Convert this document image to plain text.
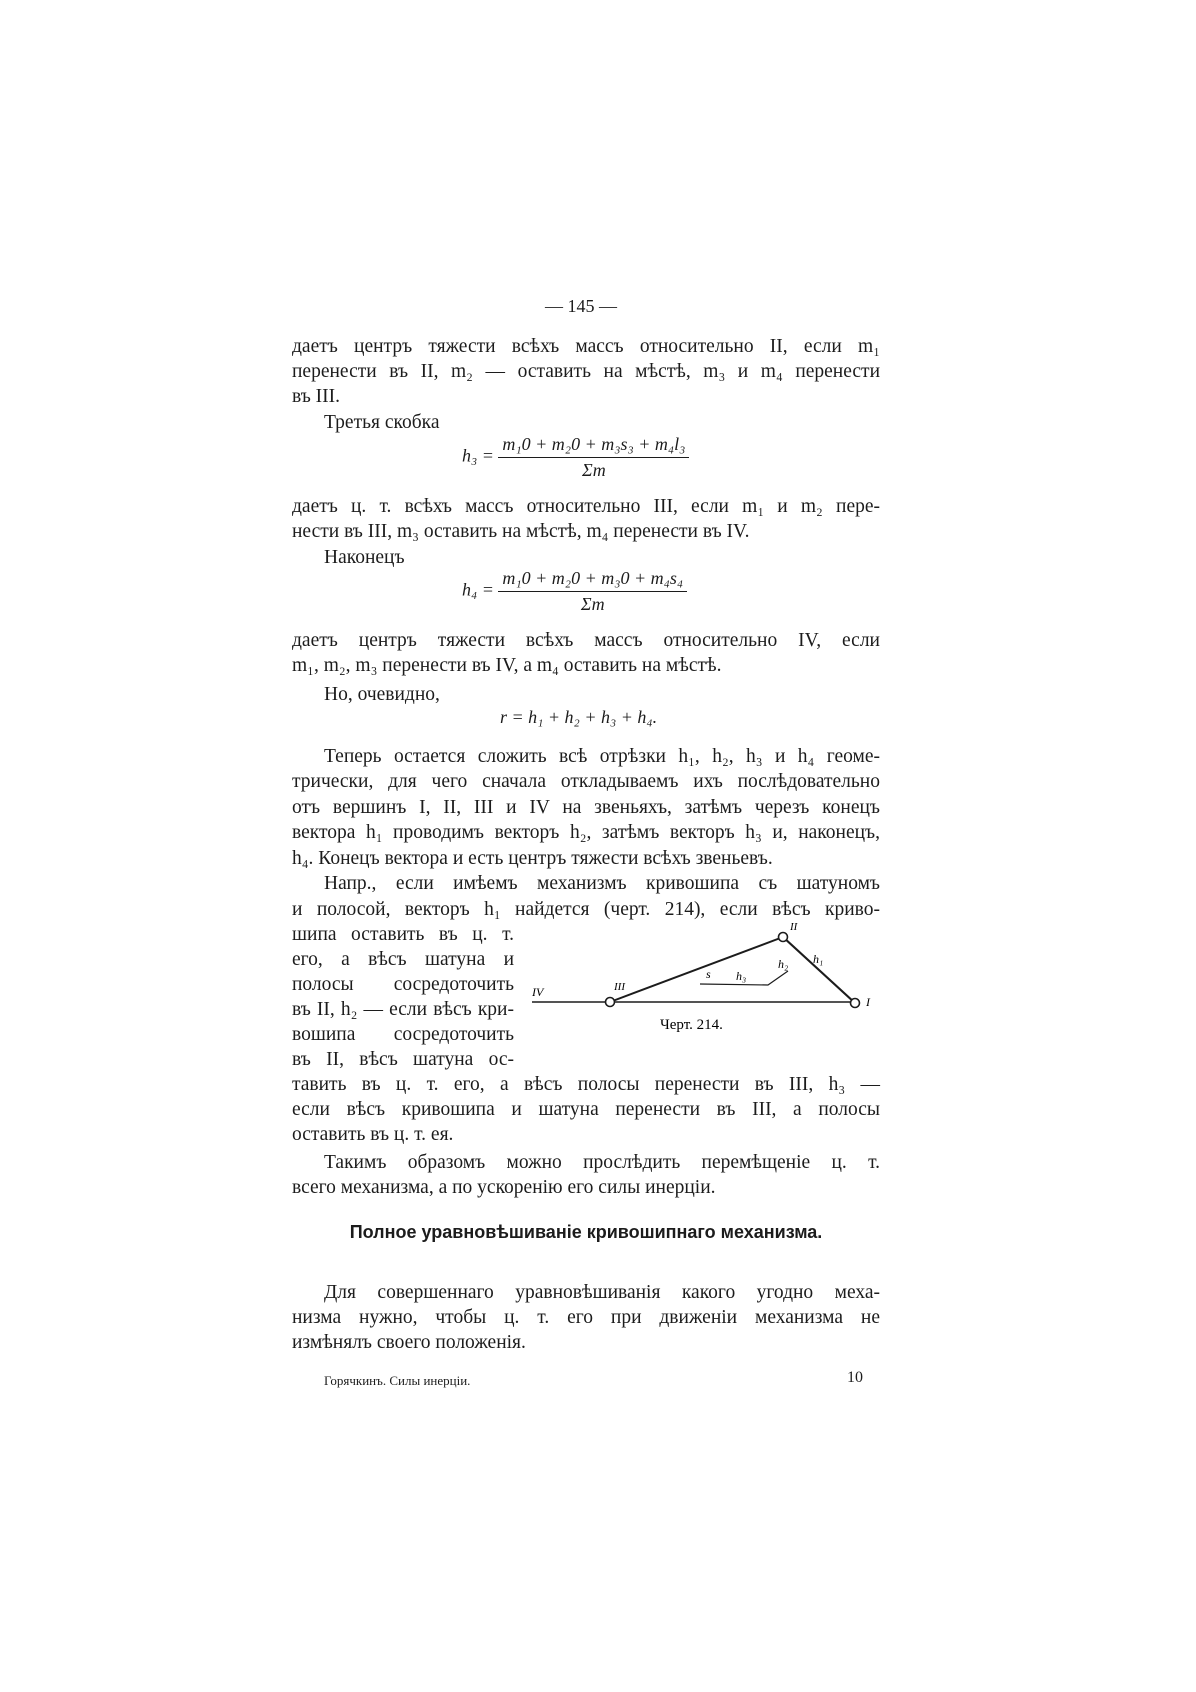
— 145 —
даетъ центръ тяжести всѣхъ массъ относительно II, если m₁
перенести въ II, m₂ — оставить на мѣстѣ, m₃ и m₄ перенести
въ III.
Третья скобка
$h_3 = \frac{\text{m₁0 + m₂0 + m₃s₃ + m₄l₃}}{\Sigma m}$
даетъ ц. т. всѣхъ массъ относительно III, если m₁ и m₂ пере-
нести въ III, m₃ оставить на мѣстѣ, m₄ перенести въ IV.
Наконецъ
$h_4 = \frac{\text{m₁0 + m₂0 + m₃0 + m₄s₄}}{\Sigma m}$
даетъ центръ тяжести всѣхъ массъ относительно IV, если
m₁, m₂, m₃ перенести въ IV, а m₄ оставить на мѣстѣ.
Но, очевидно,
r = h₁ + h₂ + h₃ + h₄.
Теперь остается сложить всѣ отрѣзки h₁, h₂, h₃ и h₄ геоме-
трически, для чего сначала откладываемъ ихъ послѣдовательно
отъ вершинъ I, II, III и IV на звеньяхъ, затѣмъ черезъ конецъ
вектора h₁ проводимъ векторъ h₂, затѣмъ векторъ h₃ и, наконецъ,
h₄. Конецъ вектора и есть центръ тяжести всѣхъ звеньевъ.
Напр., если имѣемъ механизмъ кривошипа съ шатуномъ
и полосой, векторъ h₁ найдется (черт. 214), если вѣсъ криво-
шипа оставить въ ц. т.
его, а вѣсъ шатуна и
полосы сосредоточить
въ II, h₂ — если вѣсъ кри-
вошипа сосредоточить
въ II, вѣсъ шатуна ос-
II
III
IV
I
s h₃
h₂ h₁
Черт. 214.
тавить въ ц. т. его, а вѣсъ полосы перенести въ III, h₃ —
если вѣсъ кривошипа и шатуна перенести въ III, а полосы
оставить въ ц. т. ея.
Такимъ образомъ можно прослѣдить перемѣщеніе ц. т.
всего механизма, а по ускоренію его силы инерціи.
Полное уравновѣшиваніе кривошипнаго механизма.
Для совершеннаго уравновѣшиванія какого угодно меха-
низма нужно, чтобы ц. т. его при движеніи механизма не
измѣнялъ своего положенія.
Горячкинъ. Силы инерціи.	10
